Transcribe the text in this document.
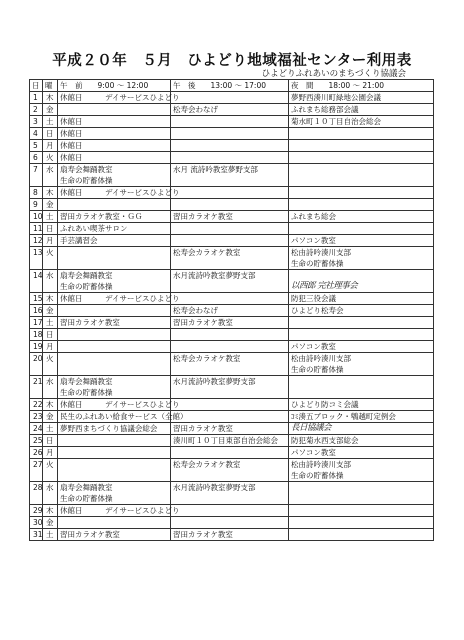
平成２０年　５月　ひよどり地域福祉センター利用表
ひよどりふれあいのまちづくり協議会
日	曜	午　前　　9:00 ～ 12:00	午　後　　13:00 ～ 17:00	夜　間　　18:00 ～ 21:00
1	木	休館日　　　デイサービスひよどり		夢野西湊川町緑地公園会議

2	金		松寿会わなげ	ふれまち総務部会議

3	土	休館日		菊水町１０丁目自治会総会

4	日	休館日		

5	月	休館日		

6	火	休館日		

7	水	扇寿会舞踊教室
生命の貯蓄体操	水月 流詩吟教室夢野支部	

8	木	休館日　　　デイサービスひよどり		

9	金	

10	土	習田カラオケ教室・ＧＧ	習田カラオケ教室	ふれまち総会

11	日	ふれあい喫茶サロン		

12	月	手芸講習会		パソコン教室

13	火		松寿会カラオケ教室	松由詩吟湊川支部
生命の貯蓄体操

14	水	扇寿会舞踊教室
生命の貯蓄体操	水月流詩吟教室夢野支部	以西郎 完社理事会

15	木	休館日　　　デイサービスひよどり		防犯三役会議

16	金		松寿会わなげ	ひよどり松寿会

17	土	習田カラオケ教室	習田カラオケ教室	

18	日	

19	月			パソコン教室

20	火		松寿会カラオケ教室	松由詩吟湊川支部
生命の貯蓄体操

21	水	扇寿会舞踊教室
生命の貯蓄体操	水月流詩吟教室夢野支部	

22	木	休館日　　　デイサービスひよどり		ひよどり防コミ会議

23	金	民生のふれあい給食サービス（全館）		ｺﾐ湊五ブロック・鵯越町定例会

24	土	夢野西まちづくり協議会総会	習田カラオケ教室	長日協議会

25	日		湊川町１０丁目東部自治会総会	防犯菊水西支部総会

26	月			パソコン教室

27	火		松寿会カラオケ教室	松由詩吟湊川支部
生命の貯蓄体操

28	水	扇寿会舞踊教室
生命の貯蓄体操	水月流詩吟教室夢野支部	

29	木	休館日　　　デイサービスひよどり		

30	金	

31	土	習田カラオケ教室	習田カラオケ教室	
